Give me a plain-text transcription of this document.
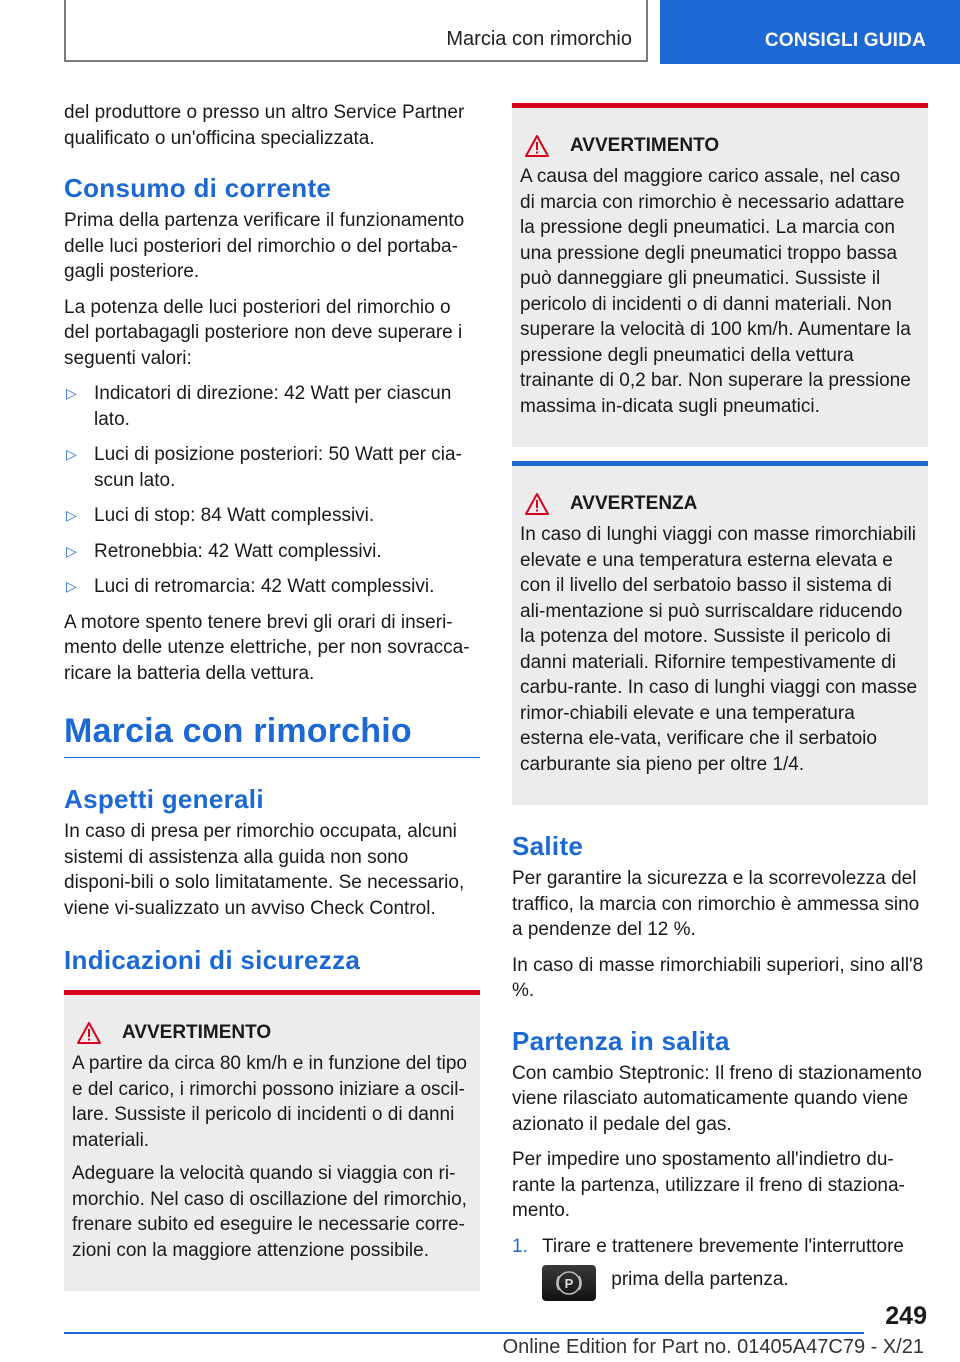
Marcia con rimorchio	CONSIGLI GUIDA

del produttore o presso un altro Service Partner qualificato o un'officina specializzata.

Consumo di corrente

Prima della partenza verificare il funzionamento delle luci posteriori del rimorchio o del portaba-gagli posteriore.

La potenza delle luci posteriori del rimorchio o del portabagagli posteriore non deve superare i seguenti valori:

▷ Indicatori di direzione: 42 Watt per ciascun lato.
▷ Luci di posizione posteriori: 50 Watt per cia-scun lato.
▷ Luci di stop: 84 Watt complessivi.
▷ Retronebbia: 42 Watt complessivi.
▷ Luci di retromarcia: 42 Watt complessivi.

A motore spento tenere brevi gli orari di inseri-mento delle utenze elettriche, per non sovracca-ricare la batteria della vettura.

Marcia con rimorchio
Aspetti generali

In caso di presa per rimorchio occupata, alcuni sistemi di assistenza alla guida non sono disponi-bili o solo limitatamente. Se necessario, viene vi-sualizzato un avviso Check Control.

Indicazioni di sicurezza
AVVERTIMENTO

A partire da circa 80 km/h e in funzione del tipo e del carico, i rimorchi possono iniziare a oscil-lare. Sussiste il pericolo di incidenti o di danni materiali.

Adeguare la velocità quando si viaggia con ri-morchio. Nel caso di oscillazione del rimorchio, frenare subito ed eseguire le necessarie corre-zioni con la maggiore attenzione possibile.

AVVERTIMENTO

A causa del maggiore carico assale, nel caso di marcia con rimorchio è necessario adattare la pressione degli pneumatici. La marcia con una pressione degli pneumatici troppo bassa può danneggiare gli pneumatici. Sussiste il pericolo di incidenti o di danni materiali. Non superare la velocità di 100 km/h. Aumentare la pressione degli pneumatici della vettura trainante di 0,2 bar. Non superare la pressione massima in-dicata sugli pneumatici.

AVVERTENZA

In caso di lunghi viaggi con masse rimorchiabili elevate e una temperatura esterna elevata e con il livello del serbatoio basso il sistema di ali-mentazione si può surriscaldare riducendo la potenza del motore. Sussiste il pericolo di danni materiali. Rifornire tempestivamente di carbu-rante. In caso di lunghi viaggi con masse rimor-chiabili elevate e una temperatura esterna ele-vata, verificare che il serbatoio carburante sia pieno per oltre 1/4.

Salite

Per garantire la sicurezza e la scorrevolezza del traffico, la marcia con rimorchio è ammessa sino a pendenze del 12 %.

In caso di masse rimorchiabili superiori, sino all'8 %.

Partenza in salita

Con cambio Steptronic: Il freno di stazionamento viene rilasciato automaticamente quando viene azionato il pedale del gas.

Per impedire uno spostamento all'indietro du-rante la partenza, utilizzare il freno di staziona-mento.

1. Tirare e trattenere brevemente l'interruttore

P prima della partenza.
249
Online Edition for Part no. 01405A47C79 - X/21
